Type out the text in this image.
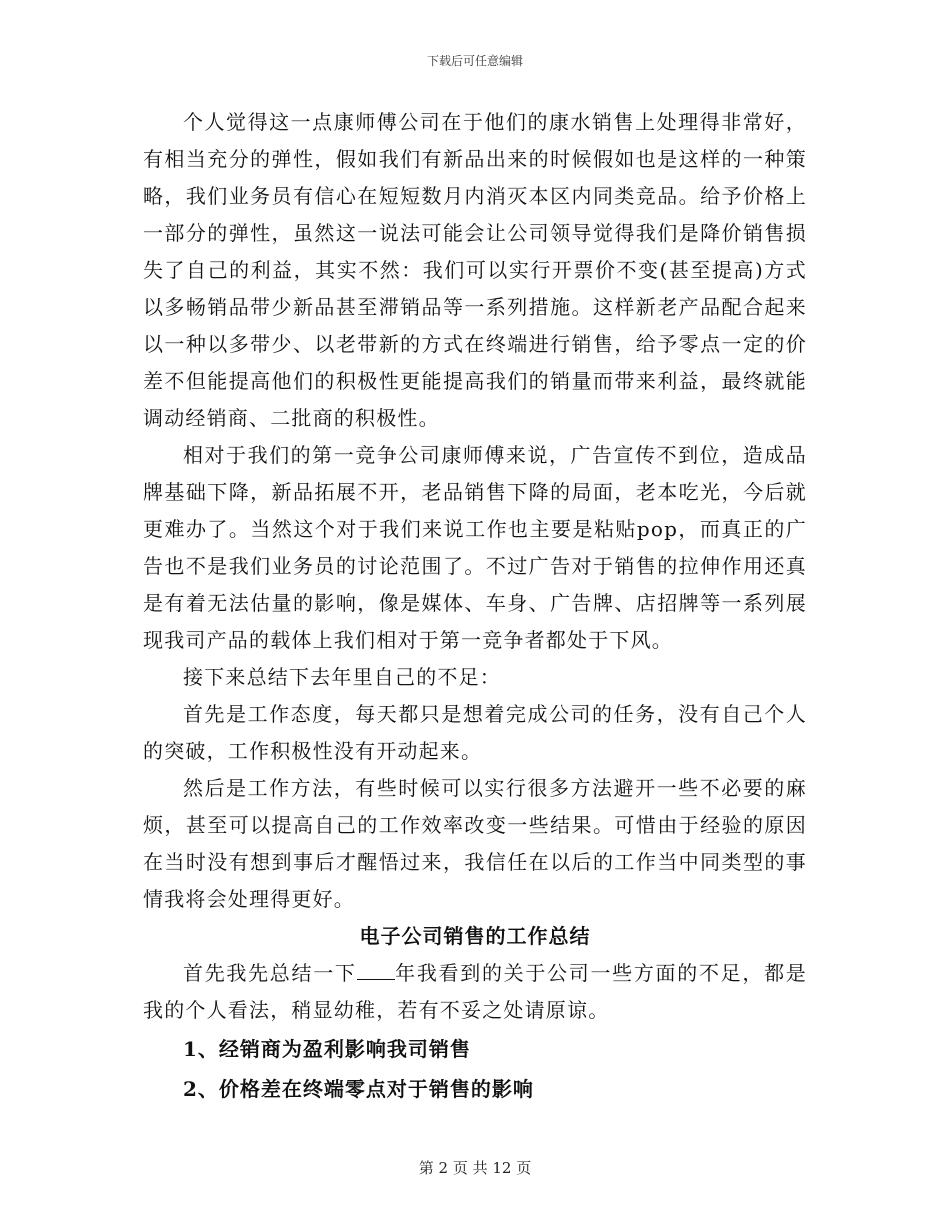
下载后可任意编辑

个人觉得这一点康师傅公司在于他们的康水销售上处理得非常好，有相当充分的弹性，假如我们有新品出来的时候假如也是这样的一种策略，我们业务员有信心在短短数月内消灭本区内同类竞品。给予价格上一部分的弹性，虽然这一说法可能会让公司领导觉得我们是降价销售损失了自己的利益，其实不然：我们可以实行开票价不变(甚至提高)方式以多畅销品带少新品甚至滞销品等一系列措施。这样新老产品配合起来以一种以多带少、以老带新的方式在终端进行销售，给予零点一定的价差不但能提高他们的积极性更能提高我们的销量而带来利益，最终就能调动经销商、二批商的积极性。

相对于我们的第一竞争公司康师傅来说，广告宣传不到位，造成品牌基础下降，新品拓展不开，老品销售下降的局面，老本吃光，今后就更难办了。当然这个对于我们来说工作也主要是粘贴pop，而真正的广告也不是我们业务员的讨论范围了。不过广告对于销售的拉伸作用还真是有着无法估量的影响，像是媒体、车身、广告牌、店招牌等一系列展现我司产品的载体上我们相对于第一竞争者都处于下风。

接下来总结下去年里自己的不足：

首先是工作态度，每天都只是想着完成公司的任务，没有自己个人的突破，工作积极性没有开动起来。

然后是工作方法，有些时候可以实行很多方法避开一些不必要的麻烦，甚至可以提高自己的工作效率改变一些结果。可惜由于经验的原因在当时没有想到事后才醒悟过来，我信任在以后的工作当中同类型的事情我将会处理得更好。

电子公司销售的工作总结

首先我先总结一下 年我看到的关于公司一些方面的不足，都是我的个人看法，稍显幼稚，若有不妥之处请原谅。

1、经销商为盈利影响我司销售

2、价格差在终端零点对于销售的影响

第 2 页 共 12 页
